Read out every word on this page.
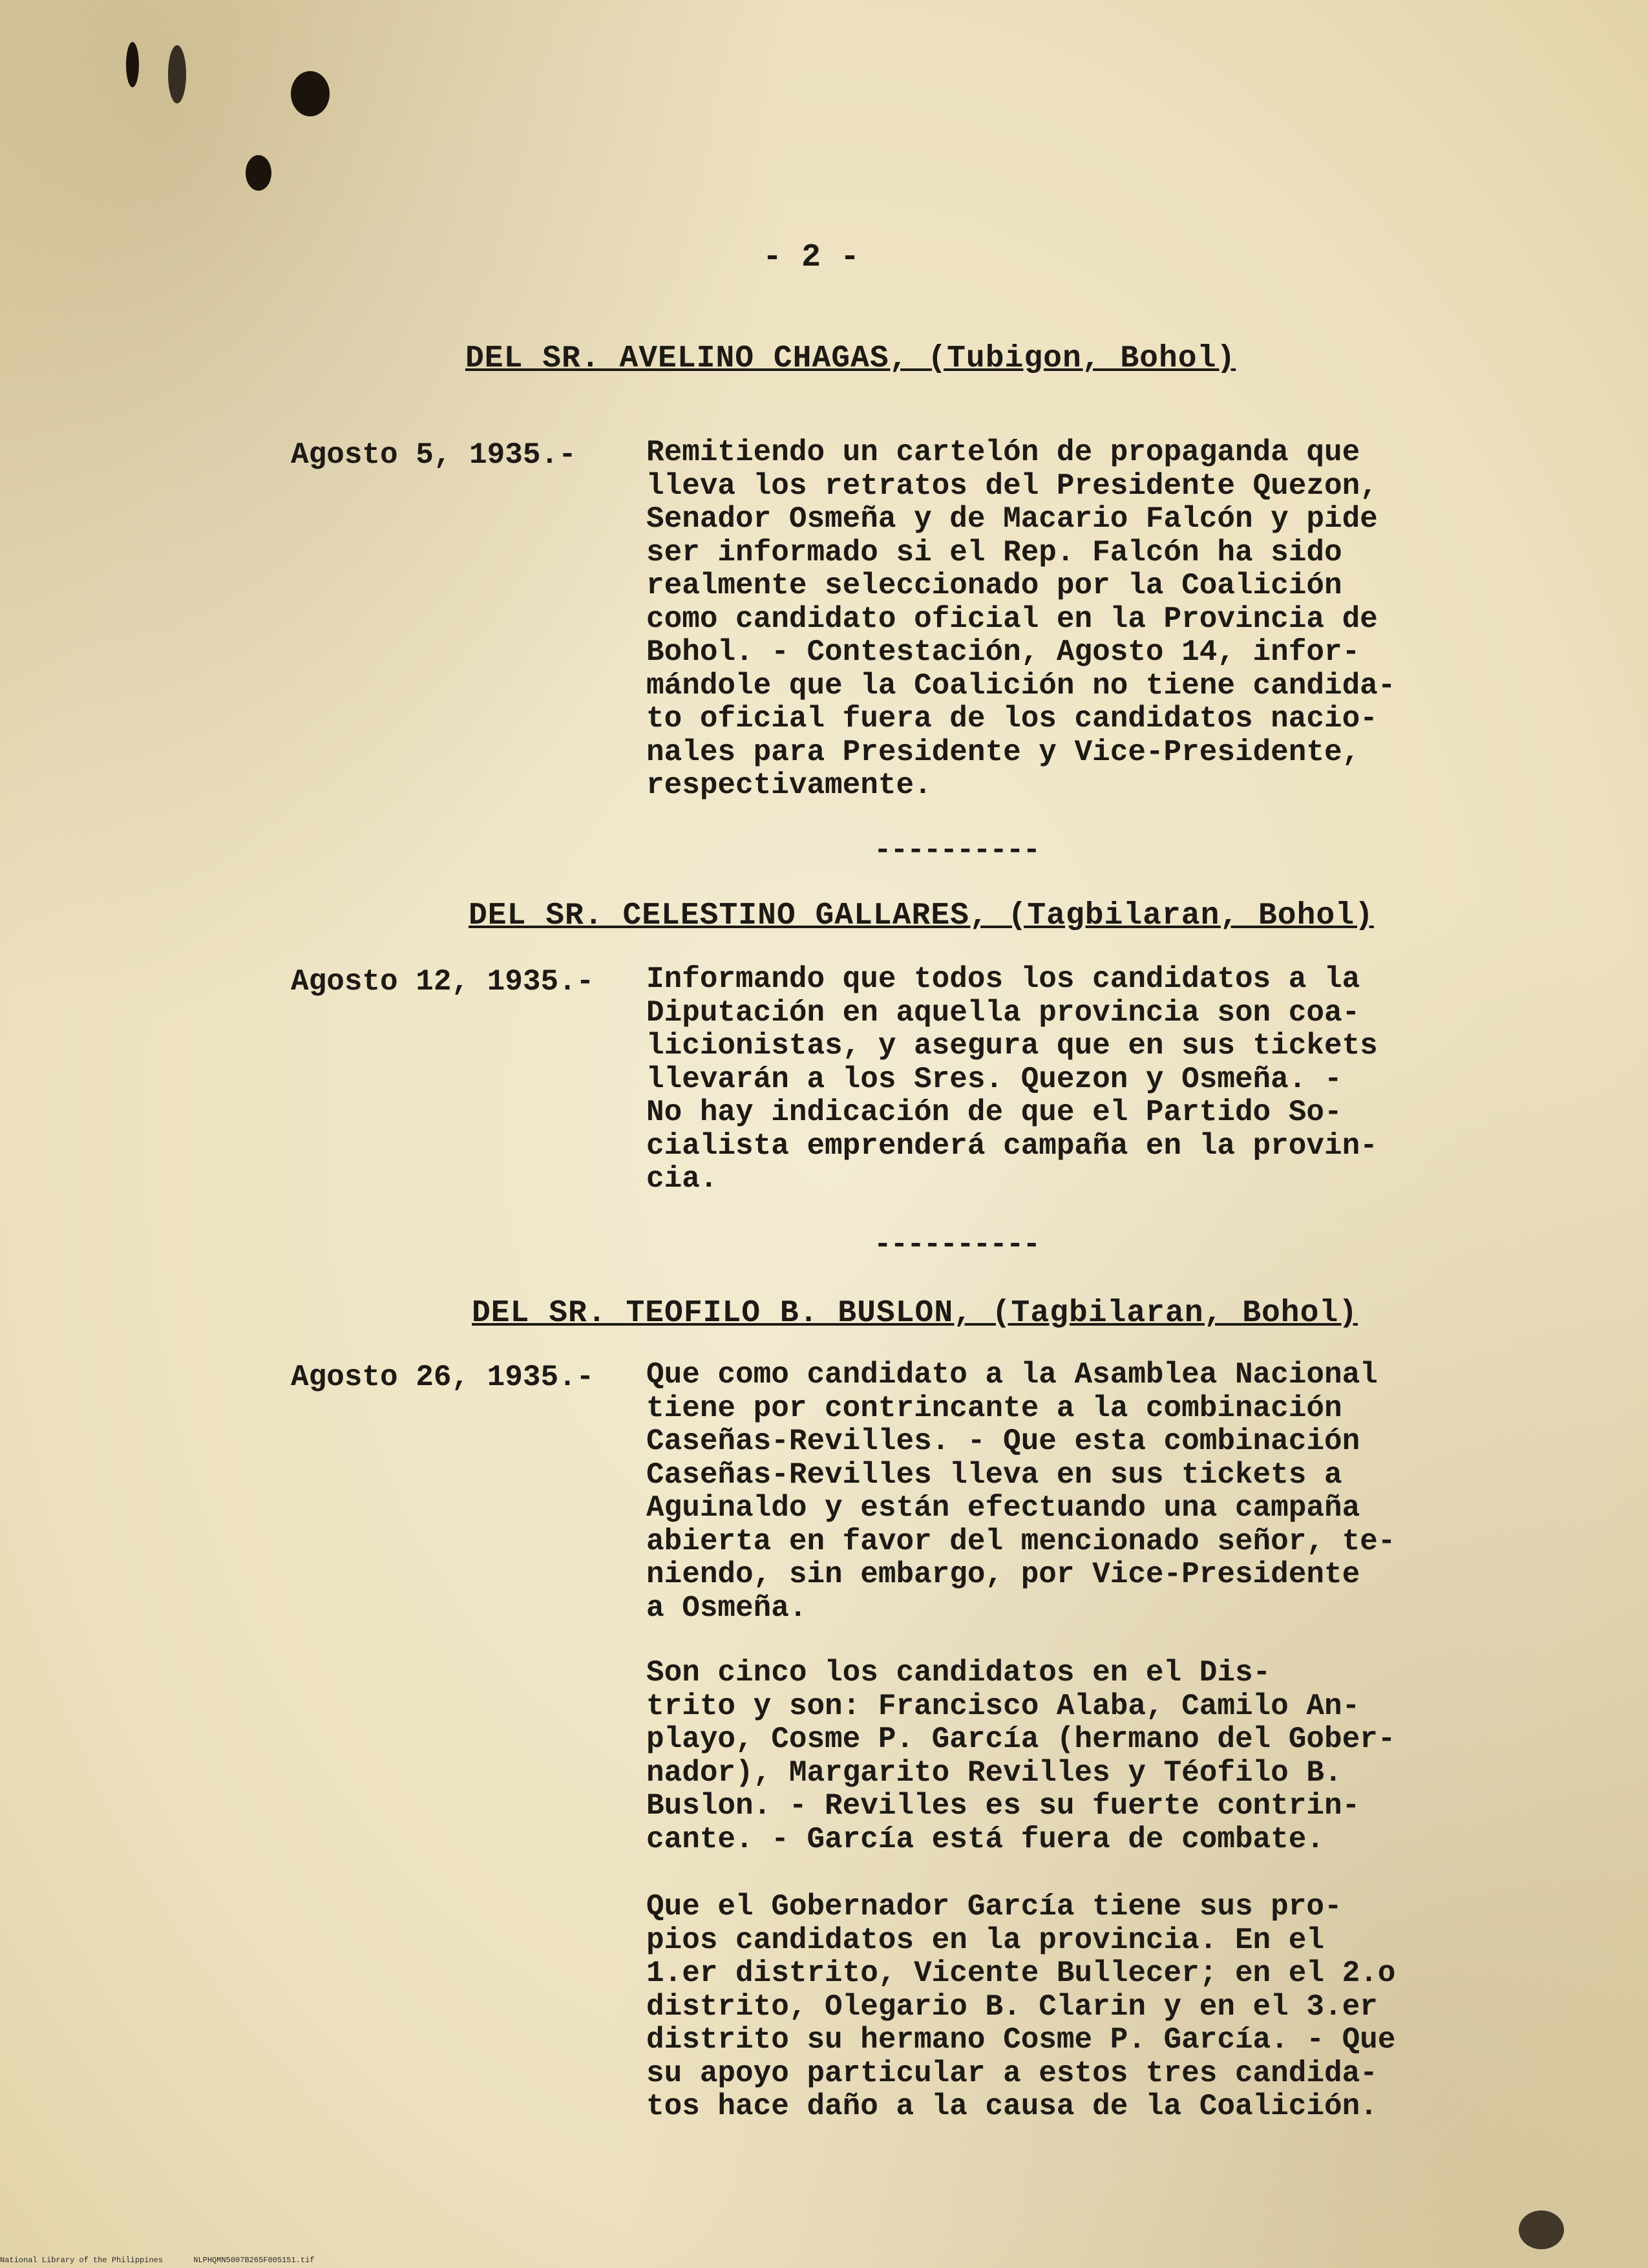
- 2 -
DEL SR. AVELINO CHAGAS, (Tubigon, Bohol)
Agosto 5, 1935.- Remitiendo un cartelón de propaganda que
lleva los retratos del Presidente Quezon,
Senador Osmeña y de Macario Falcón y pide
ser informado si el Rep. Falcón ha sido
realmente seleccionado por la Coalición
como candidato oficial en la Provincia de
Bohol. - Contestación, Agosto 14, infor-
mándole que la Coalición no tiene candida-
to oficial fuera de los candidatos nacio-
nales para Presidente y Vice-Presidente,
respectivamente.
----------
DEL SR. CELESTINO GALLARES, (Tagbilaran, Bohol)
Agosto 12, 1935.- Informando que todos los candidatos a la
Diputación en aquella provincia son coa-
licionistas, y asegura que en sus tickets
llevarán a los Sres. Quezon y Osmeña. -
No hay indicación de que el Partido So-
cialista emprenderá campaña en la provin-
cia.
----------
DEL SR. TEOFILO B. BUSLON, (Tagbilaran, Bohol)
Agosto 26, 1935.- Que como candidato a la Asamblea Nacional
tiene por contrincante a la combinación
Caseñas-Revilles. - Que esta combinación
Caseñas-Revilles lleva en sus tickets a
Aguinaldo y están efectuando una campaña
abierta en favor del mencionado señor, te-
niendo, sin embargo, por Vice-Presidente
a Osmeña.
Son cinco los candidatos en el Dis-
trito y son: Francisco Alaba, Camilo An-
playo, Cosme P. García (hermano del Gober-
nador), Margarito Revilles y Téofilo B.
Buslon. - Revilles es su fuerte contrin-
cante. - García está fuera de combate.
Que el Gobernador García tiene sus pro-
pios candidatos en la provincia. En el
1.er distrito, Vicente Bullecer; en el 2.o
distrito, Olegario B. Clarin y en el 3.er
distrito su hermano Cosme P. García. - Que
su apoyo particular a estos tres candida-
tos hace daño a la causa de la Coalición.
National Library of the Philippines	NLPHQMN5007B265F005151.tif
